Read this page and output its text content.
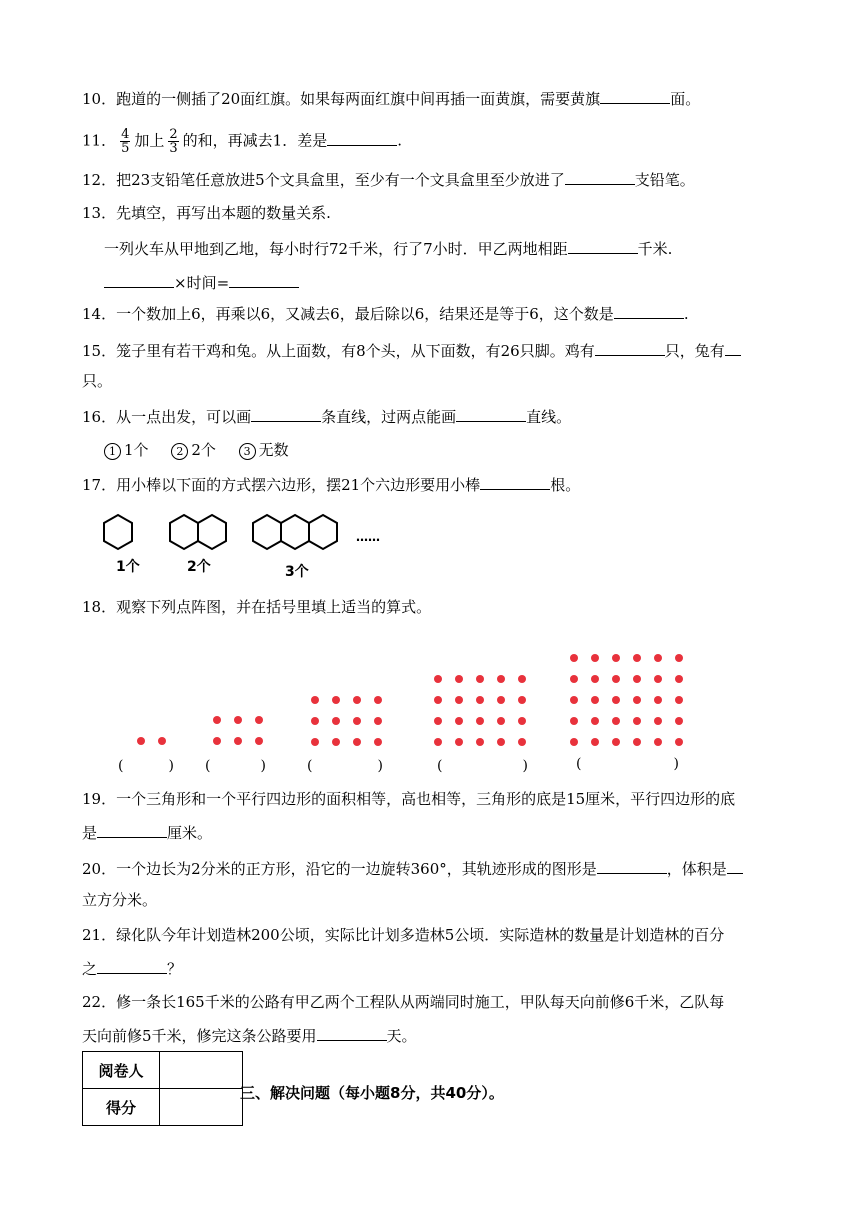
10．跑道的一侧插了20面红旗。如果每两面红旗中间再插一面黄旗，需要黄旗	面。
11． $\frac{4}{5}$ 加上 $\frac{2}{3}$ 的和，再减去1．差是	.
12．把23支铅笔任意放进5个文具盒里，至少有一个文具盒里至少放进了	支铅笔。
13．先填空，再写出本题的数量关系.
一列火车从甲地到乙地，每小时行72千米，行了7小时．甲乙两地相距	千米.
×时间=
14．一个数加上6，再乘以6，又减去6，最后除以6，结果还是等于6，这个数是	.
15．笼子里有若干鸡和兔。从上面数，有8个头，从下面数，有26只脚。鸡有	只，兔有
只。
16．从一点出发，可以画	条直线，过两点能画	直线。
1 1个	2 2个	3 无数
17．用小棒以下面的方式摆六边形，摆21个六边形要用小棒	根。
……
1个	2个	3个
18．观察下列点阵图，并在括号里填上适当的算式。
(	) (	)	(	)	(	)	(	)
19．一个三角形和一个平行四边形的面积相等，高也相等，三角形的底是15厘米，平行四边形的底
是	厘米。
20．一个边长为2分米的正方形，沿它的一边旋转360°，其轨迹形成的图形是	，体积是
立方分米。
21．绿化队今年计划造林200公顷，实际比计划多造林5公顷．实际造林的数量是计划造林的百分
之	？
22．修一条长165千米的公路有甲乙两个工程队从两端同时施工，甲队每天向前修6千米，乙队每
天向前修5千米，修完这条公路要用	天。
阅卷人	
得分	
三、解决问题（每小题8分，共40分）。
